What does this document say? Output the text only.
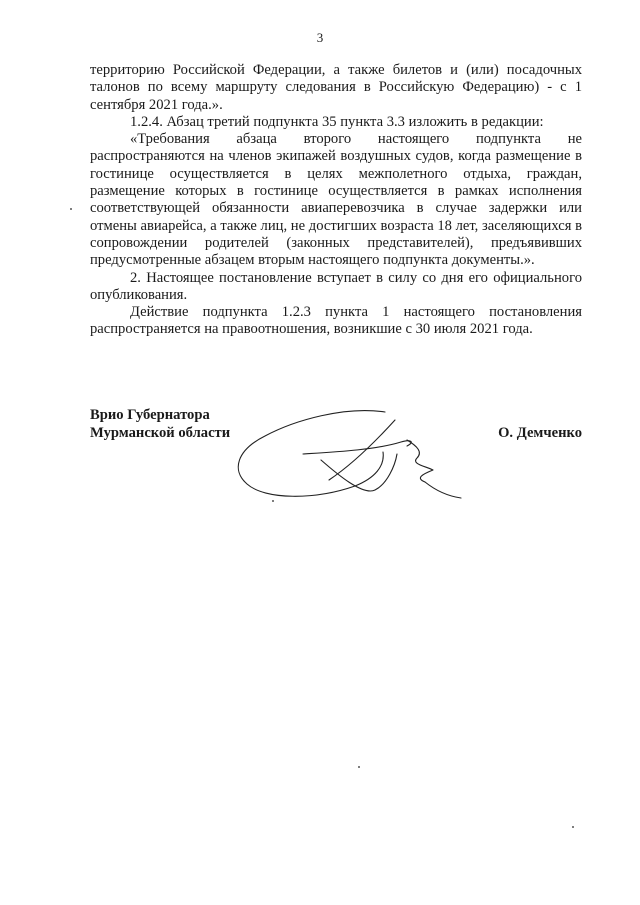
3

территорию Российской Федерации, а также билетов и (или) посадочных талонов по всему маршруту следования в Российскую Федерацию) - с 1 сентября 2021 года.».

1.2.4. Абзац третий подпункта 35 пункта 3.3 изложить в редакции:

«Требования абзаца второго настоящего подпункта не распространяются на членов экипажей воздушных судов, когда размещение в гостинице осуществляется в целях межполетного отдыха, граждан, размещение которых в гостинице осуществляется в рамках исполнения соответствующей обязанности авиаперевозчика в случае задержки или отмены авиарейса, а также лиц, не достигших возраста 18 лет, заселяющихся в сопровождении родителей (законных представителей), предъявивших предусмотренные абзацем вторым настоящего подпункта документы.».

2. Настоящее постановление вступает в силу со дня его официального опубликования.

Действие подпункта 1.2.3 пункта 1 настоящего постановления распространяется на правоотношения, возникшие с 30 июля 2021 года.

Врио Губернатора
Мурманской области	О. Демченко
